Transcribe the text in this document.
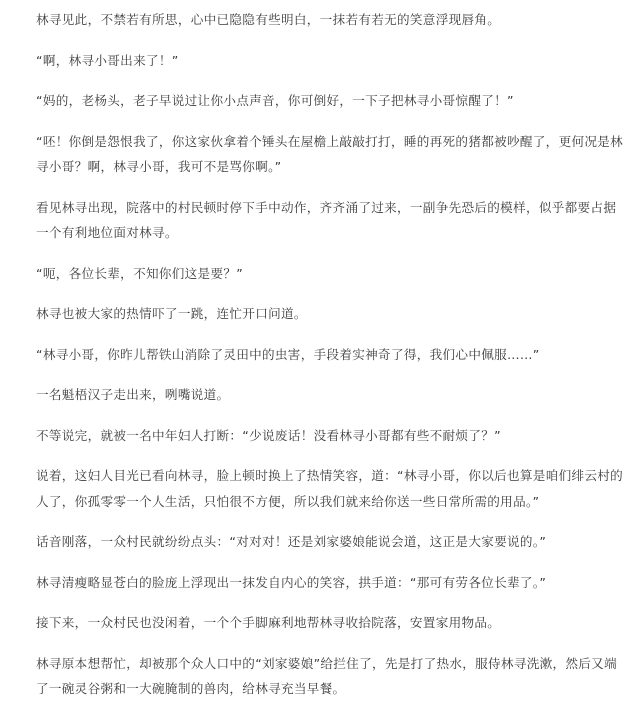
林寻见此，不禁若有所思，心中已隐隐有些明白，一抹若有若无的笑意浮现唇角。

“啊，林寻小哥出来了！”

“妈的，老杨头，老子早说过让你小点声音，你可倒好，一下子把林寻小哥惊醒了！”

“呸！你倒是怨恨我了，你这家伙拿着个锤头在屋檐上敲敲打打，睡的再死的猪都被吵醒了，更何况是林寻小哥？啊，林寻小哥，我可不是骂你啊。”

看见林寻出现，院落中的村民顿时停下手中动作，齐齐涌了过来，一副争先恐后的模样，似乎都要占据一个有利地位面对林寻。

“呃，各位长辈，不知你们这是要？”

林寻也被大家的热情吓了一跳，连忙开口问道。

“林寻小哥，你昨儿帮铁山消除了灵田中的虫害，手段着实神奇了得，我们心中佩服……”

一名魁梧汉子走出来，咧嘴说道。

不等说完，就被一名中年妇人打断：“少说废话！没看林寻小哥都有些不耐烦了？”

说着，这妇人目光已看向林寻，脸上顿时换上了热情笑容，道：“林寻小哥，你以后也算是咱们绯云村的人了，你孤零零一个人生活，只怕很不方便，所以我们就来给你送一些日常所需的用品。”

话音刚落，一众村民就纷纷点头：“对对对！还是刘家婆娘能说会道，这正是大家要说的。”

林寻清瘦略显苍白的脸庞上浮现出一抹发自内心的笑容，拱手道：“那可有劳各位长辈了。”

接下来，一众村民也没闲着，一个个手脚麻利地帮林寻收拾院落，安置家用物品。

林寻原本想帮忙，却被那个众人口中的“刘家婆娘”给拦住了，先是打了热水，服侍林寻洗漱，然后又端了一碗灵谷粥和一大碗腌制的兽肉，给林寻充当早餐。
